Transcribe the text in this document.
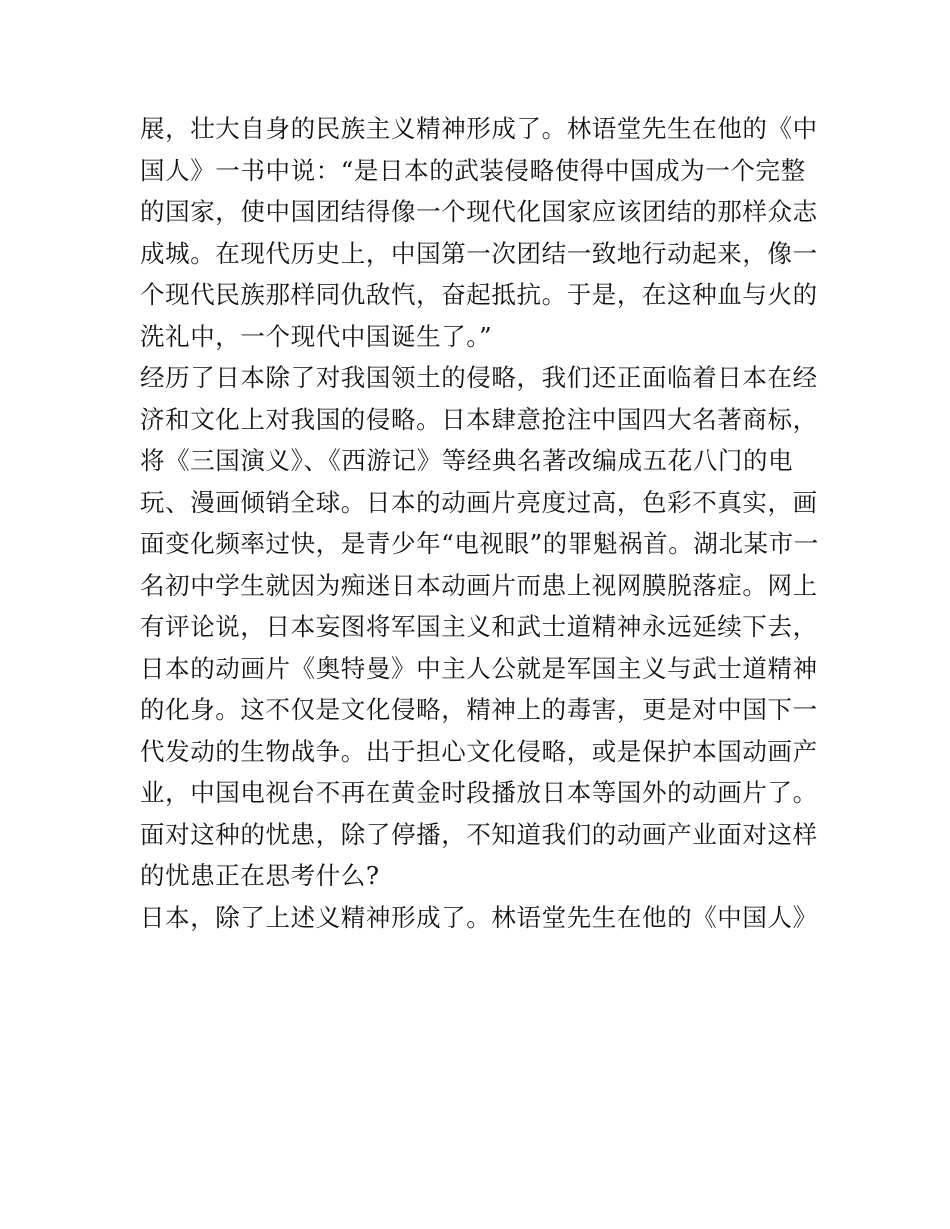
展，壮大自身的民族主义精神形成了。林语堂先生在他的《中
国人》一书中说：“是日本的武装侵略使得中国成为一个完整
的国家，使中国团结得像一个现代化国家应该团结的那样众志
成城。在现代历史上，中国第一次团结一致地行动起来，像一
个现代民族那样同仇敌忾，奋起抵抗。于是，在这种血与火的
洗礼中，一个现代中国诞生了。”
经历了日本除了对我国领土的侵略，我们还正面临着日本在经
济和文化上对我国的侵略。日本肆意抢注中国四大名著商标，
将《三国演义》、《西游记》等经典名著改编成五花八门的电
玩、漫画倾销全球。日本的动画片亮度过高，色彩不真实，画
面变化频率过快，是青少年“电视眼”的罪魁祸首。湖北某市一
名初中学生就因为痴迷日本动画片而患上视网膜脱落症。网上
有评论说，日本妄图将军国主义和武士道精神永远延续下去，
日本的动画片《奥特曼》中主人公就是军国主义与武士道精神
的化身。这不仅是文化侵略，精神上的毒害，更是对中国下一
代发动的生物战争。出于担心文化侵略，或是保护本国动画产
业，中国电视台不再在黄金时段播放日本等国外的动画片了。
面对这种的忧患，除了停播，不知道我们的动画产业面对这样
的忧患正在思考什么?
日本，除了上述义精神形成了。林语堂先生在他的《中国人》
